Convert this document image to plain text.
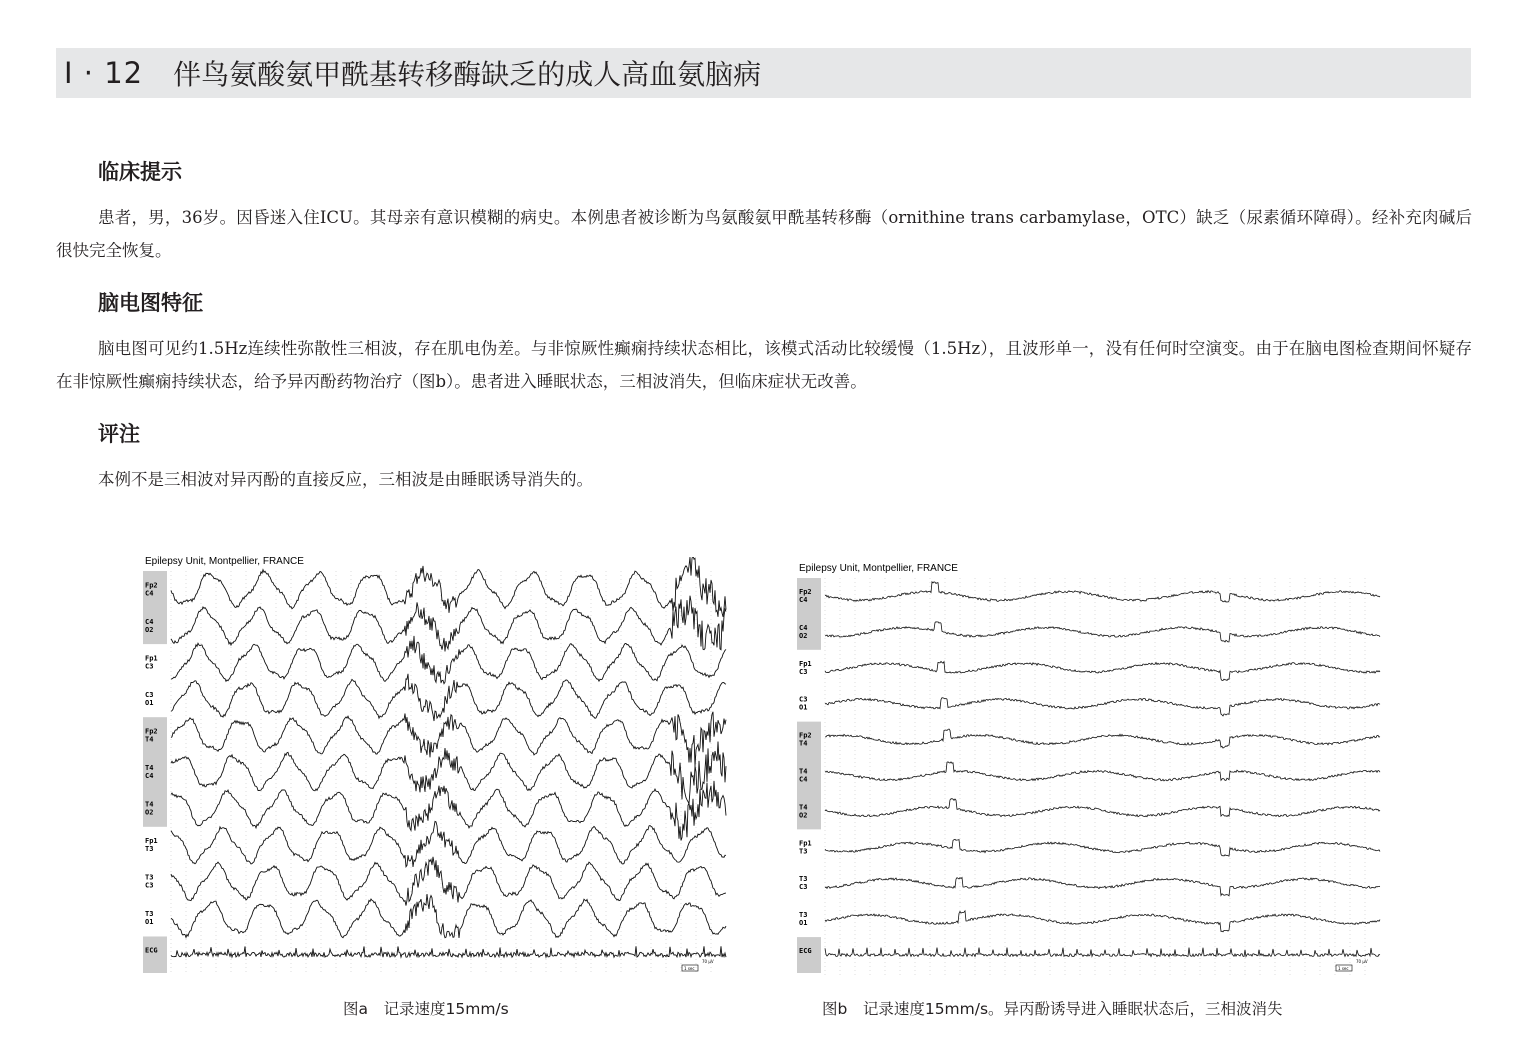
I · 12 伴鸟氨酸氨甲酰基转移酶缺乏的成人高血氨脑病
临床提示
患者，男，36岁。因昏迷入住ICU。其母亲有意识模糊的病史。本例患者被诊断为鸟氨酸氨甲酰基转移酶（ornithine trans carbamylase，OTC）缺乏（尿素循环障碍）。经补充肉碱后很快完全恢复。
脑电图特征
脑电图可见约1.5Hz连续性弥散性三相波，存在肌电伪差。与非惊厥性癫痫持续状态相比，该模式活动比较缓慢（1.5Hz），且波形单一，没有任何时空演变。由于在脑电图检查期间怀疑存在非惊厥性癫痫持续状态，给予异丙酚药物治疗（图b）。患者进入睡眠状态，三相波消失，但临床症状无改善。
评注
本例不是三相波对异丙酚的直接反应，三相波是由睡眠诱导消失的。
Epilepsy Unit, Montpellier, FRANCE
Fp2
C4
C4
O2
Fp1
C3
C3
O1
Fp2
T4
T4
C4
T4
O2
Fp1
T3
T3
C3
T3
O1
ECG
1 sec
70 µV
图a　记录速度15mm/s
Epilepsy Unit, Montpellier, FRANCE
Fp2
C4
C4
O2
Fp1
C3
C3
O1
Fp2
T4
T4
C4
T4
O2
Fp1
T3
T3
C3
T3
O1
ECG
1 sec
70 µV
图b　记录速度15mm/s。异丙酚诱导进入睡眠状态后，三相波消失
